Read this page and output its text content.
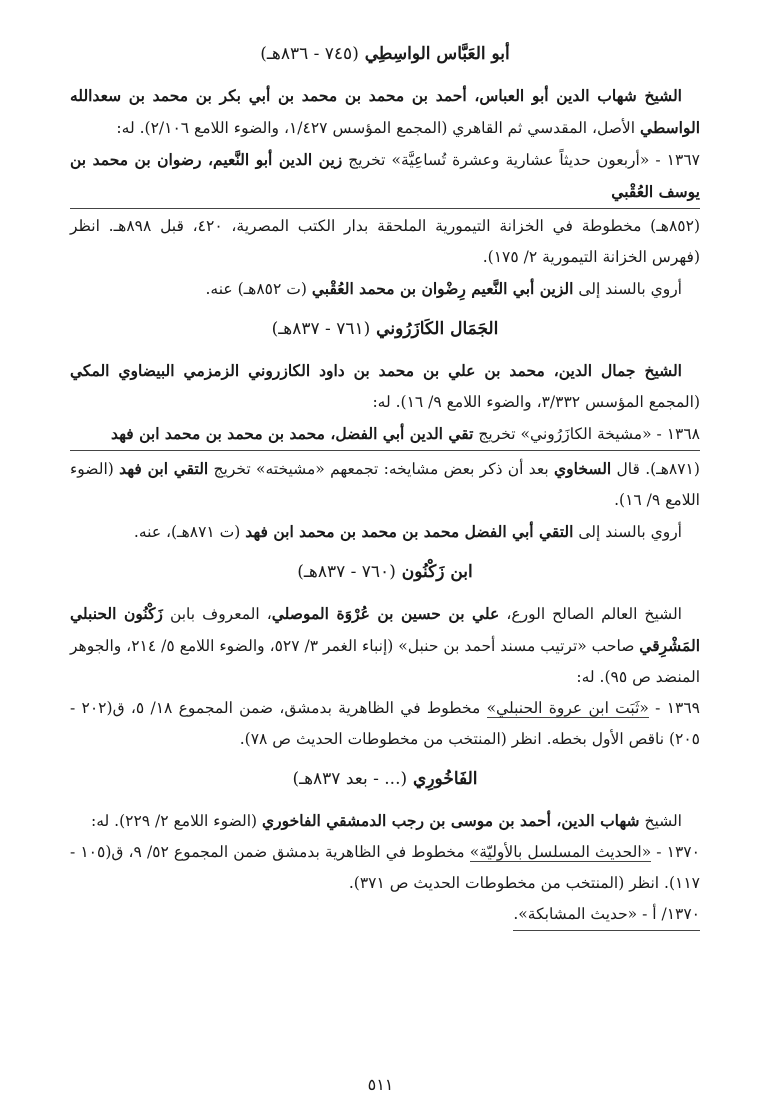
أبو العَبَّاس الواسِطِي (٧٤٥ - ٨٣٦هـ)

الشيخ شهاب الدين أبو العباس، أحمد بن محمد بن محمد بن أبي بكر بن محمد بن سعدالله الواسطي الأصل، المقدسي ثم القاهري (المجمع المؤسس ١/٤٢٧، والضوء اللامع ٢/١٠٦). له:

١٣٦٧ - «أربعون حديثاً عشارية وعشرة تُساعِيَّة» تخريج زين الدين أبو النَّعيم، رضوان بن محمد بن يوسف العُقْبي
(٨٥٢هـ) مخطوطة في الخزانة التيمورية الملحقة بدار الكتب المصرية، ٤٢٠، قبل ٨٩٨هـ. انظر (فهرس الخزانة التيمورية ٢/ ١٧٥).

أروي بالسند إلى الزين أبي النَّعيم رِضْوان بن محمد العُقْبي (ت ٨٥٢هـ) عنه.

الجَمَال الكَازَرُوني (٧٦١ - ٨٣٧هـ)

الشيخ جمال الدين، محمد بن علي بن محمد بن داود الكازروني الزمزمي البيضاوي المكي (المجمع المؤسس ٣/٣٣٢، والضوء اللامع ٩/ ١٦). له:

١٣٦٨ - «مشيخة الكازَرُوني» تخريج تقي الدين أبي الفضل، محمد بن محمد بن محمد ابن فهد
(٨٧١هـ). قال السخاوي بعد أن ذكر بعض مشايخه: تجمعهم «مشيخته» تخريج التقي ابن فهد (الضوء اللامع ٩/ ١٦).

أروي بالسند إلى التقي أبي الفضل محمد بن محمد بن محمد ابن فهد (ت ٨٧١هـ)، عنه.

ابن زَكْنُون (٧٦٠ - ٨٣٧هـ)

الشيخ العالم الصالح الورع، علي بن حسين بن عُرْوَة الموصلي، المعروف بابن زَكْنُون الحنبلي المَشْرِقي صاحب «ترتيب مسند أحمد بن حنبل» (إنباء الغمر ٣/ ٥٢٧، والضوء اللامع ٥/ ٢١٤، والجوهر المنضد ص ٩٥). له:

١٣٦٩ - «ثَبَت ابن عروة الحنبلي» مخطوط في الظاهرية بدمشق، ضمن المجموع ١٨/ ٥، ق(٢٠٢ - ٢٠٥) ناقص الأول بخطه. انظر (المنتخب من مخطوطات الحديث ص ٧٨).

الفَاخُورِي (... - بعد ٨٣٧هـ)

الشيخ شهاب الدين، أحمد بن موسى بن رجب الدمشقي الفاخوري (الضوء اللامع ٢/ ٢٢٩). له:

١٣٧٠ - «الحديث المسلسل بالأوليّة» مخطوط في الظاهرية بدمشق ضمن المجموع ٥٢/ ٩، ق(١٠٥ - ١١٧). انظر (المنتخب من مخطوطات الحديث ص ٣٧١).

١٣٧٠/ أ - «حديث المشابكة».

٥١١
